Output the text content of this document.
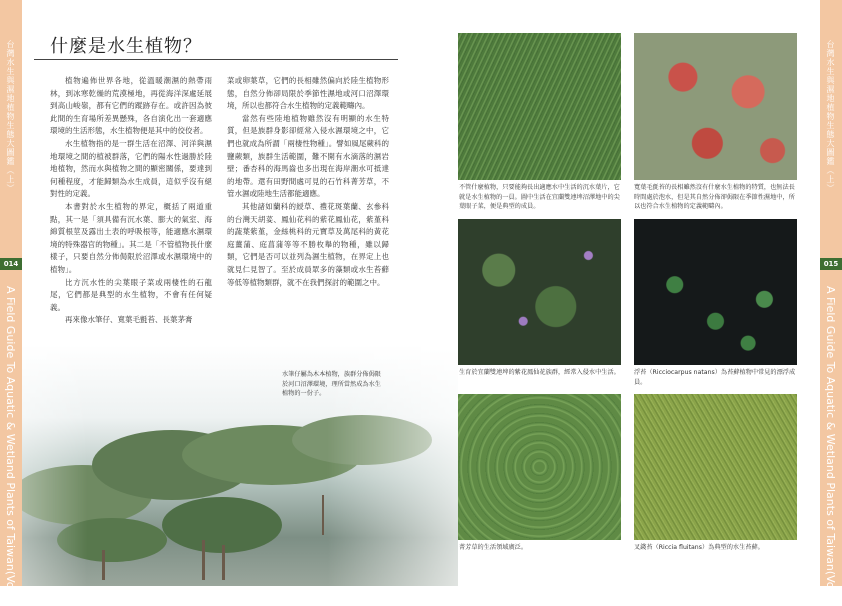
台灣水生與濕地植物生態大圖鑑（上）
014
A Field Guide To Aquatic & Wetland Plants of Taiwan(Vol.1)
台灣水生與濕地植物生態大圖鑑（上）
015
A Field Guide To Aquatic & Wetland Plants of Taiwan(Vol.1)
什麼是水生植物？

植物遍佈世界各地，從溫暖潮濕的熱帶雨林，到冰寒乾燥的荒漠極地，再從海洋深處延展到高山峻嶺，都有它們的蹤跡存在。或許因為彼此間的生育場所差異懸殊，各自演化出一套適應環境的生活形態，水生植物便是其中的佼佼者。

水生植物指的是一群生活在沼澤、河洋與濕地環境之間的植被群落，它們的陽水性過勝於陸地植物，然而水與植物之間的顯密關係，要達到何種程度，才能歸類為水生成員，這似乎沒有絕對性的定義。

本書對於水生植物的界定，概括了兩道重點，其一是「須具備有沉水葉、膨大的氣室、海綿質根莖及露出土表的呼吸根等，能適應水濕環境的特殊器官的物種」。其二是「不管植物長什麼樣子，只要自然分佈侷限於沼澤或水濕環境中的植物」。

比方沉水性的尖葉眼子菜或兩棲性的石龍尾，它們都是典型的水生植物，不會有任何疑義。

再來像水筆仔、寬葉毛氈苔、長葉茅膏

菜或卵葉草，它們的長相雖然偏向於陸生植物形態，自然分佈卻局限於季節性濕地或河口沼澤環境，所以也都符合水生植物的定義範疇內。

當然有些陸地植物雖然沒有明顯的水生特質，但是族群身影卻經常入侵水濕環境之中，它們也就成為所謂「兩棲性物種」。譬如風尾蕨科的鹽蕨類，族群生活範圍，難不開有水滴落的濕岩壁；番杏科的海馬齒也多出現在海岸潮水可抵達的地帶。還有田野間處可見的石竹科菁芳草，不管水濕或陸地生活都能適應。

其他諸如蘭科的綬草、禮花斑葉蘭、玄參科的台灣天胡荽、鳳仙花科的紫花鳳仙花，紫堇科的蔬葉紫堇，金絲桃科的元寶草及萬尾科的黃花庭薑蒲、庭菖蒲等等不勝枚舉的物種，雖以歸類，它們是否可以並列為濕生植物，在界定上也就見仁見智了。至於成員眾多的藻類或水生苔蘚等低等植物類群，就不在我們探討的範圍之中。

水筆仔屬為木本植物，族群分佈侷限於河口沼澤環境，理所當然成為水生植物的一份子。
不管什麼植物，只要能夠長出適應水中生活的沉水葉片，它就是水生植物的一員。圖中生活在宜蘭雙連埤沼澤地中的尖葉眼子菜，便是典型的成員。
寬葉毛氈苔的長相雖然沒有什麼水生植物的特質，也無法長時間處於泡水，但是其自然分佈卻侷限在季節性濕地中，所以也符合水生植物的定義範疇內。
生育於宜蘭雙連埤的紫花鳳仙花族群，經常入侵水中生活。	浮苔（Ricciocarpus natans）為苔蘚植物中常見的漂浮成員。
菁芳草的生活領域廣泛。	叉錢苔（Riccia fluitans）為典型的水生苔蘚。
